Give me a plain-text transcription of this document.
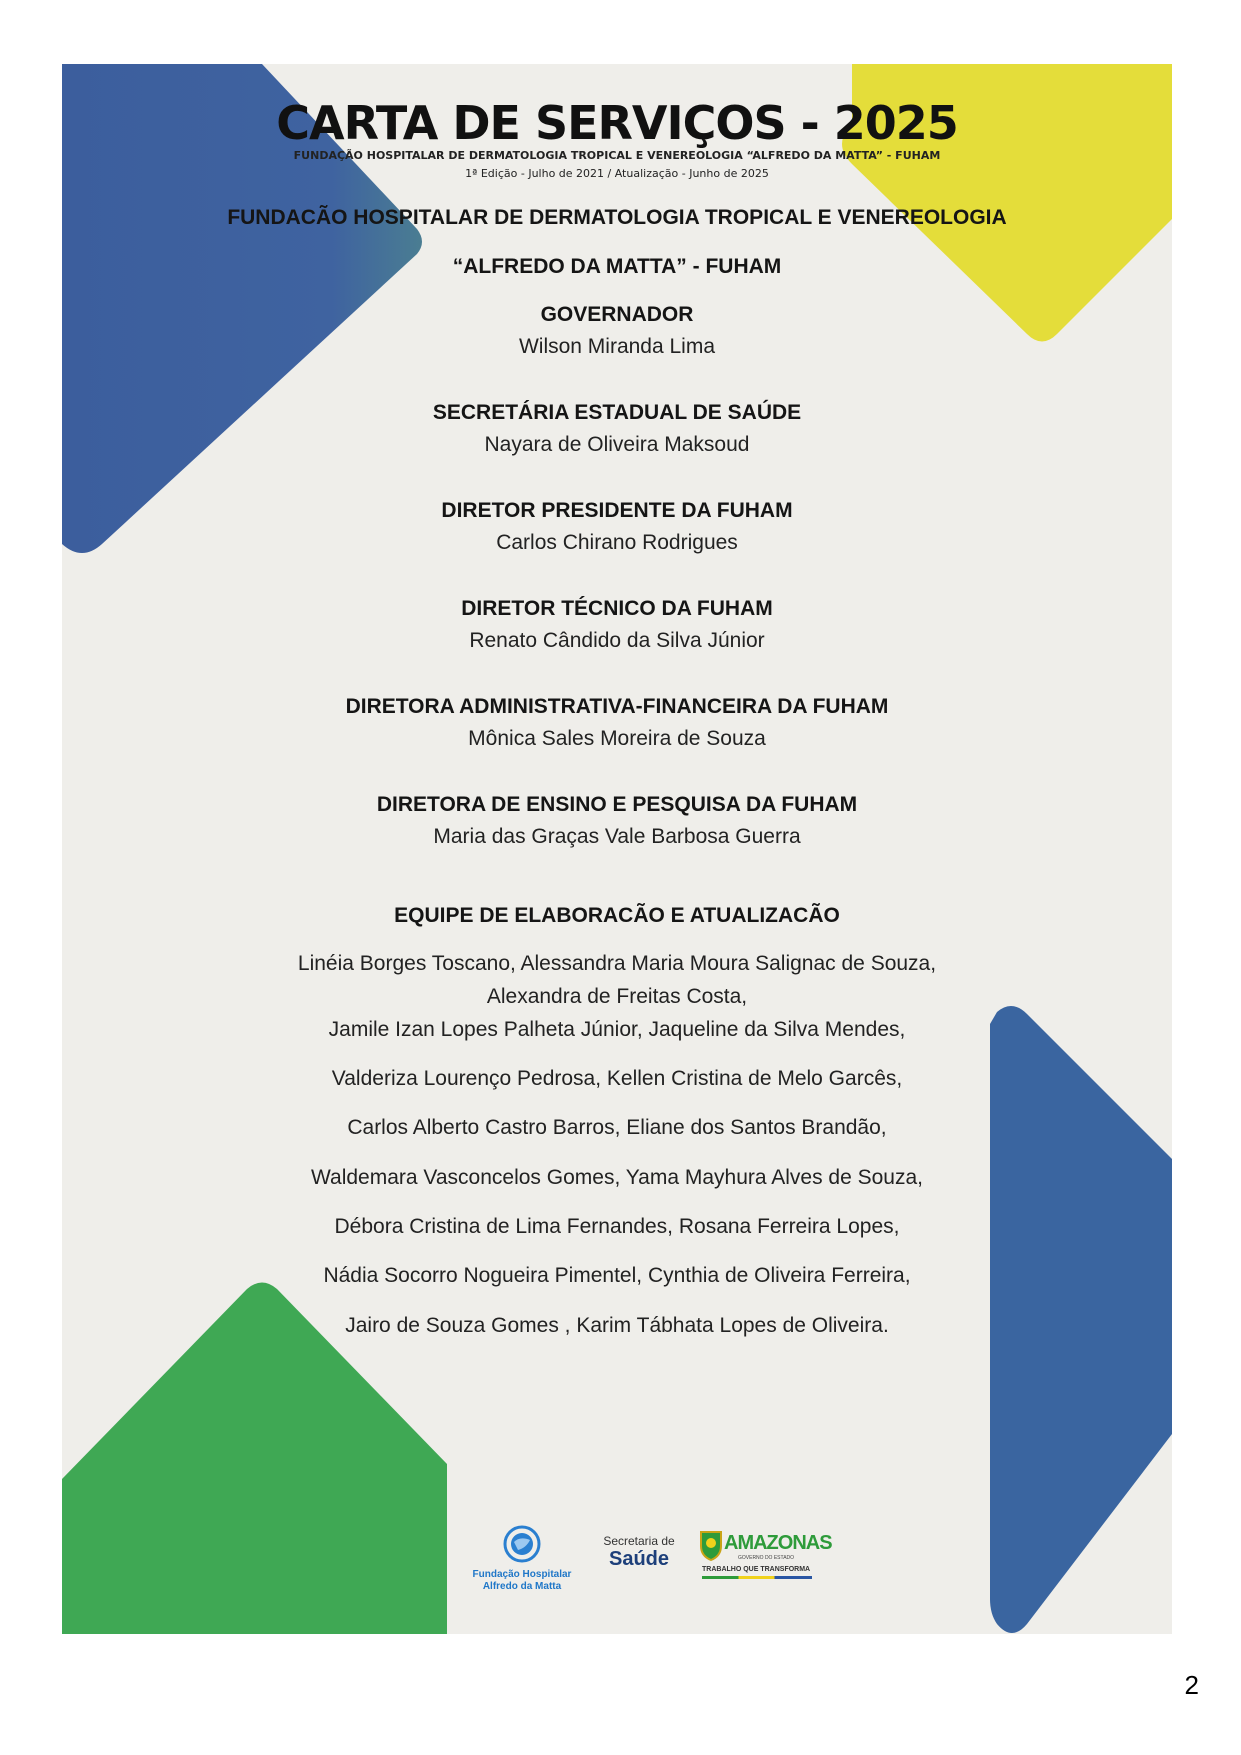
CARTA DE SERVIÇOS - 2025
FUNDAÇÃO HOSPITALAR DE DERMATOLOGIA TROPICAL E VENEREOLOGIA “ALFREDO DA MATTA” - FUHAM
1ª Edição - Julho de 2021 / Atualização - Junho de 2025
FUNDACÃO HOSPITALAR DE DERMATOLOGIA TROPICAL E VENEREOLOGIA
“ALFREDO DA MATTA” - FUHAM
GOVERNADOR
Wilson Miranda Lima
SECRETÁRIA ESTADUAL DE SAÚDE
Nayara de Oliveira Maksoud
DIRETOR PRESIDENTE DA FUHAM
Carlos Chirano Rodrigues
DIRETOR TÉCNICO DA FUHAM
Renato Cândido da Silva Júnior
DIRETORA ADMINISTRATIVA-FINANCEIRA DA FUHAM
Mônica Sales Moreira de Souza
DIRETORA DE ENSINO E PESQUISA DA FUHAM
Maria das Graças Vale Barbosa Guerra
EQUIPE DE ELABORACÃO E ATUALIZACÃO
Linéia Borges Toscano, Alessandra Maria Moura Salignac de Souza,
Alexandra de Freitas Costa,
Jamile Izan Lopes Palheta Júnior, Jaqueline da Silva Mendes,
Valderiza Lourenço Pedrosa, Kellen Cristina de Melo Garcês,
Carlos Alberto Castro Barros, Eliane dos Santos Brandão,
Waldemara Vasconcelos Gomes, Yama Mayhura Alves de Souza,
Débora Cristina de Lima Fernandes, Rosana Ferreira Lopes,
Nádia Socorro Nogueira Pimentel, Cynthia de Oliveira Ferreira,
Jairo de Souza Gomes , Karim Tábhata Lopes de Oliveira.
Fundação Hospitalar
Alfredo da Matta
Secretaria de
Saúde
AMAZONAS
GOVERNO DO ESTADO
TRABALHO QUE TRANSFORMA
2
